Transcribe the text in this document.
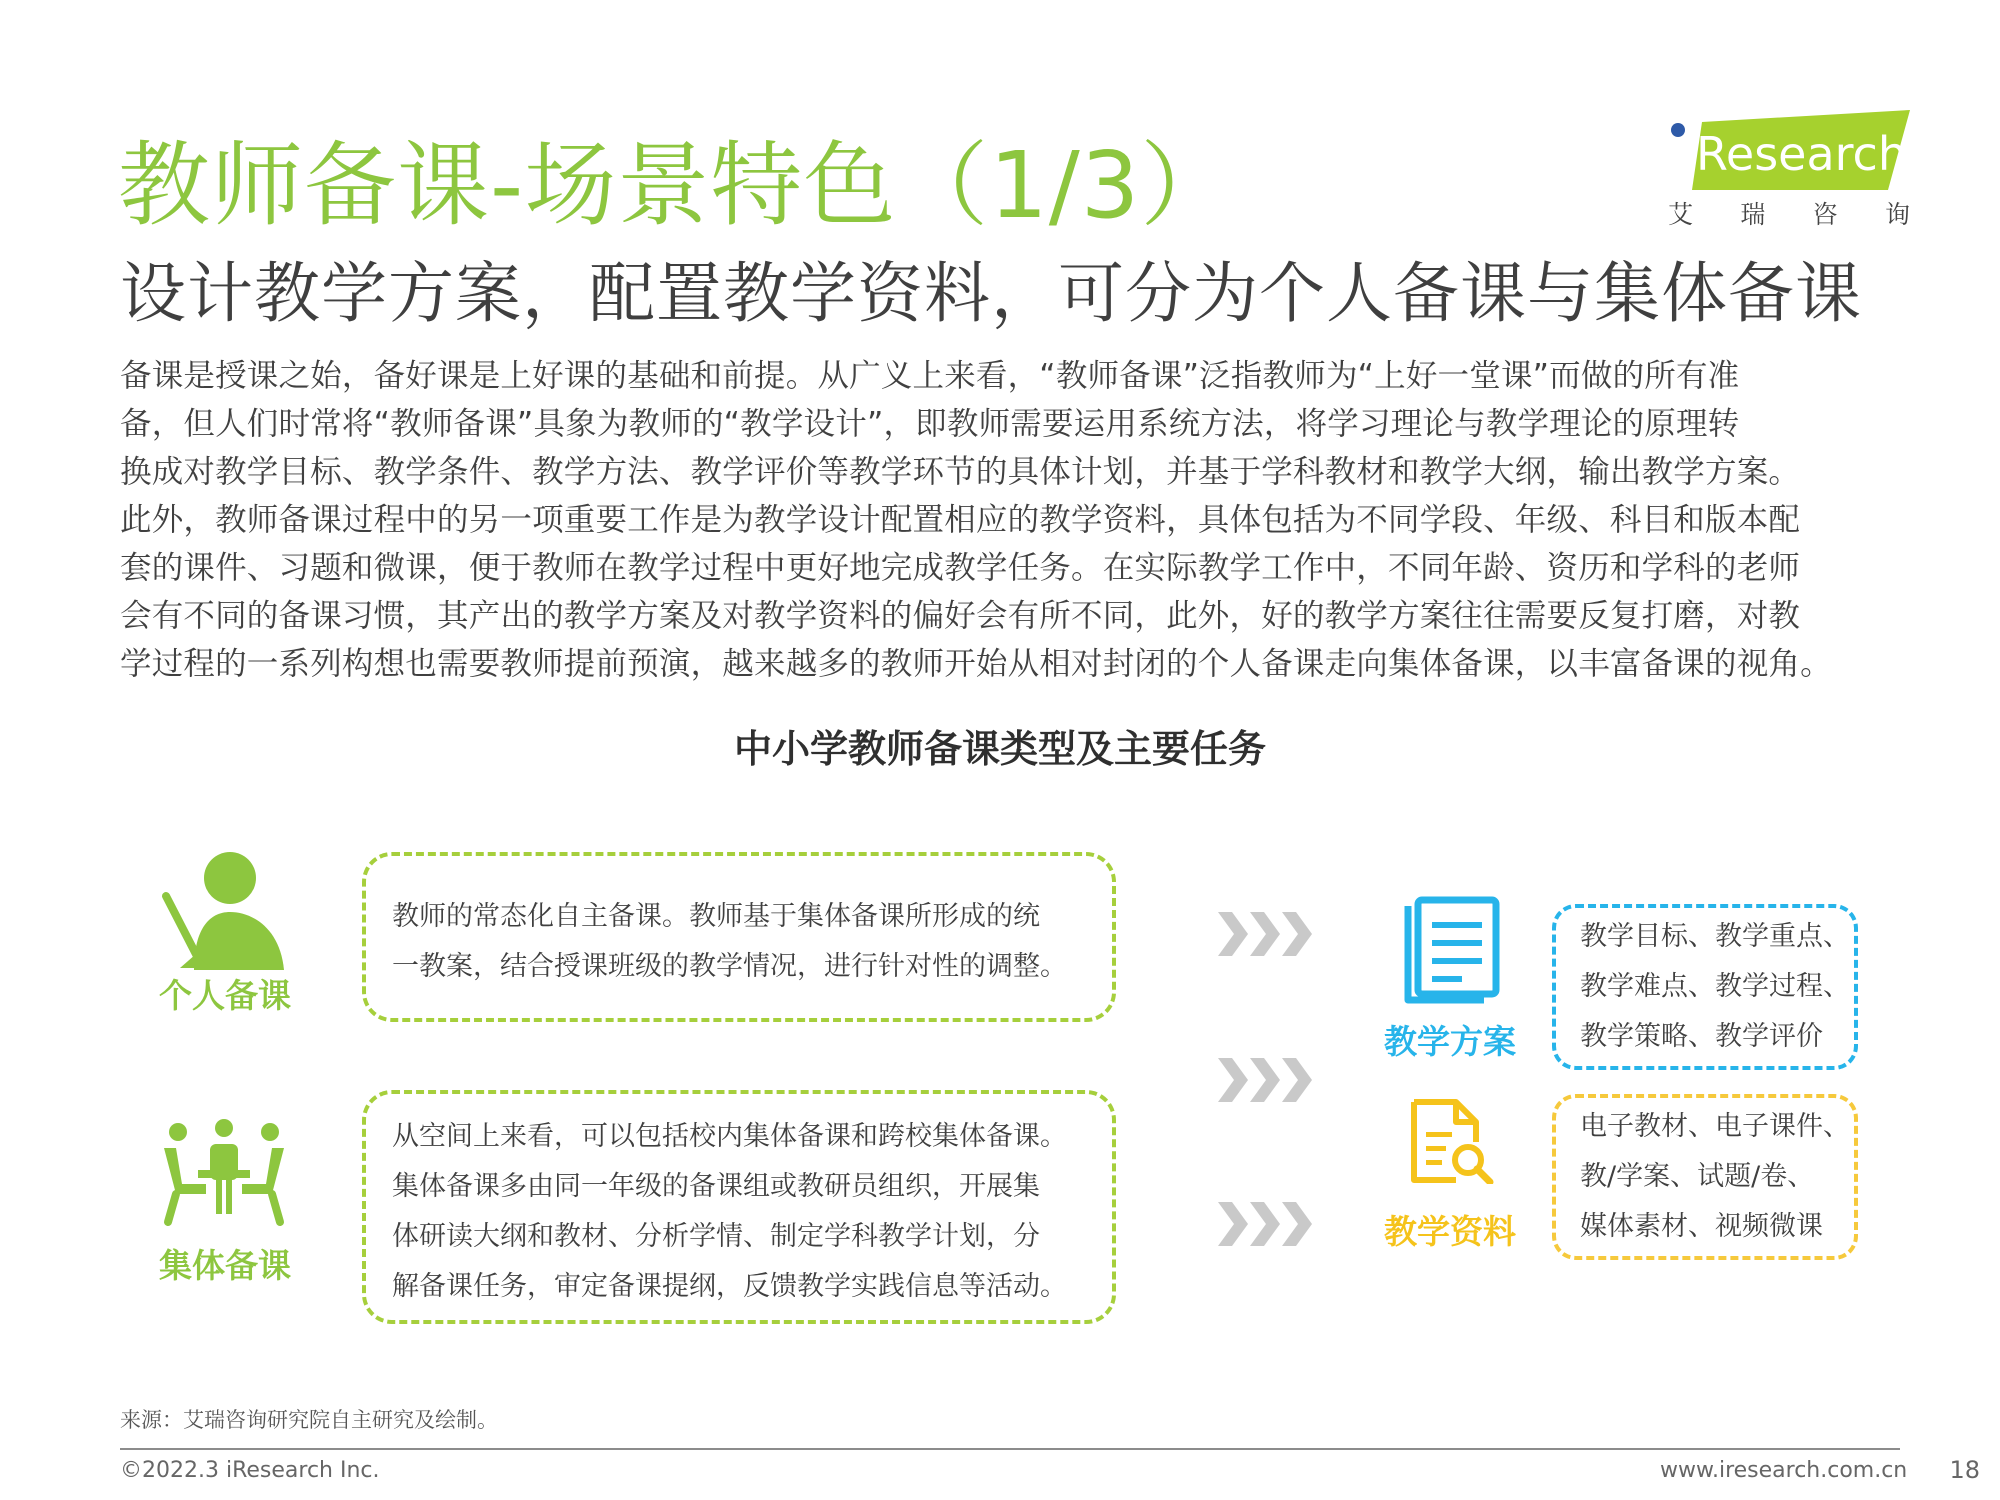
教师备课-场景特色（1/3）
设计教学方案，配置教学资料，可分为个人备课与集体备课
Research
艾 瑞 咨 询

备课是授课之始，备好课是上好课的基础和前提。从广义上来看，“教师备课”泛指教师为“上好一堂课”而做的所有准

备，但人们时常将“教师备课”具象为教师的“教学设计”，即教师需要运用系统方法，将学习理论与教学理论的原理转

换成对教学目标、教学条件、教学方法、教学评价等教学环节的具体计划，并基于学科教材和教学大纲，输出教学方案。

此外，教师备课过程中的另一项重要工作是为教学设计配置相应的教学资料，具体包括为不同学段、年级、科目和版本配

套的课件、习题和微课，便于教师在教学过程中更好地完成教学任务。在实际教学工作中，不同年龄、资历和学科的老师

会有不同的备课习惯，其产出的教学方案及对教学资料的偏好会有所不同，此外，好的教学方案往往需要反复打磨，对教

学过程的一系列构想也需要教师提前预演，越来越多的教师开始从相对封闭的个人备课走向集体备课，以丰富备课的视角。

中小学教师备课类型及主要任务
个人备课
教师的常态化自主备课。教师基于集体备课所形成的统
一教案，结合授课班级的教学情况，进行针对性的调整。
集体备课
从空间上来看，可以包括校内集体备课和跨校集体备课。
集体备课多由同一年级的备课组或教研员组织，开展集
体研读大纲和教材、分析学情、制定学科教学计划，分
解备课任务，审定备课提纲，反馈教学实践信息等活动。
教学方案
教学目标、教学重点、
教学难点、教学过程、
教学策略、教学评价
教学资料
电子教材、电子课件、
教/学案、试题/卷、
媒体素材、视频微课
来源：艾瑞咨询研究院自主研究及绘制。
©2022.3 iResearch Inc.	www.iresearch.com.cn	18
